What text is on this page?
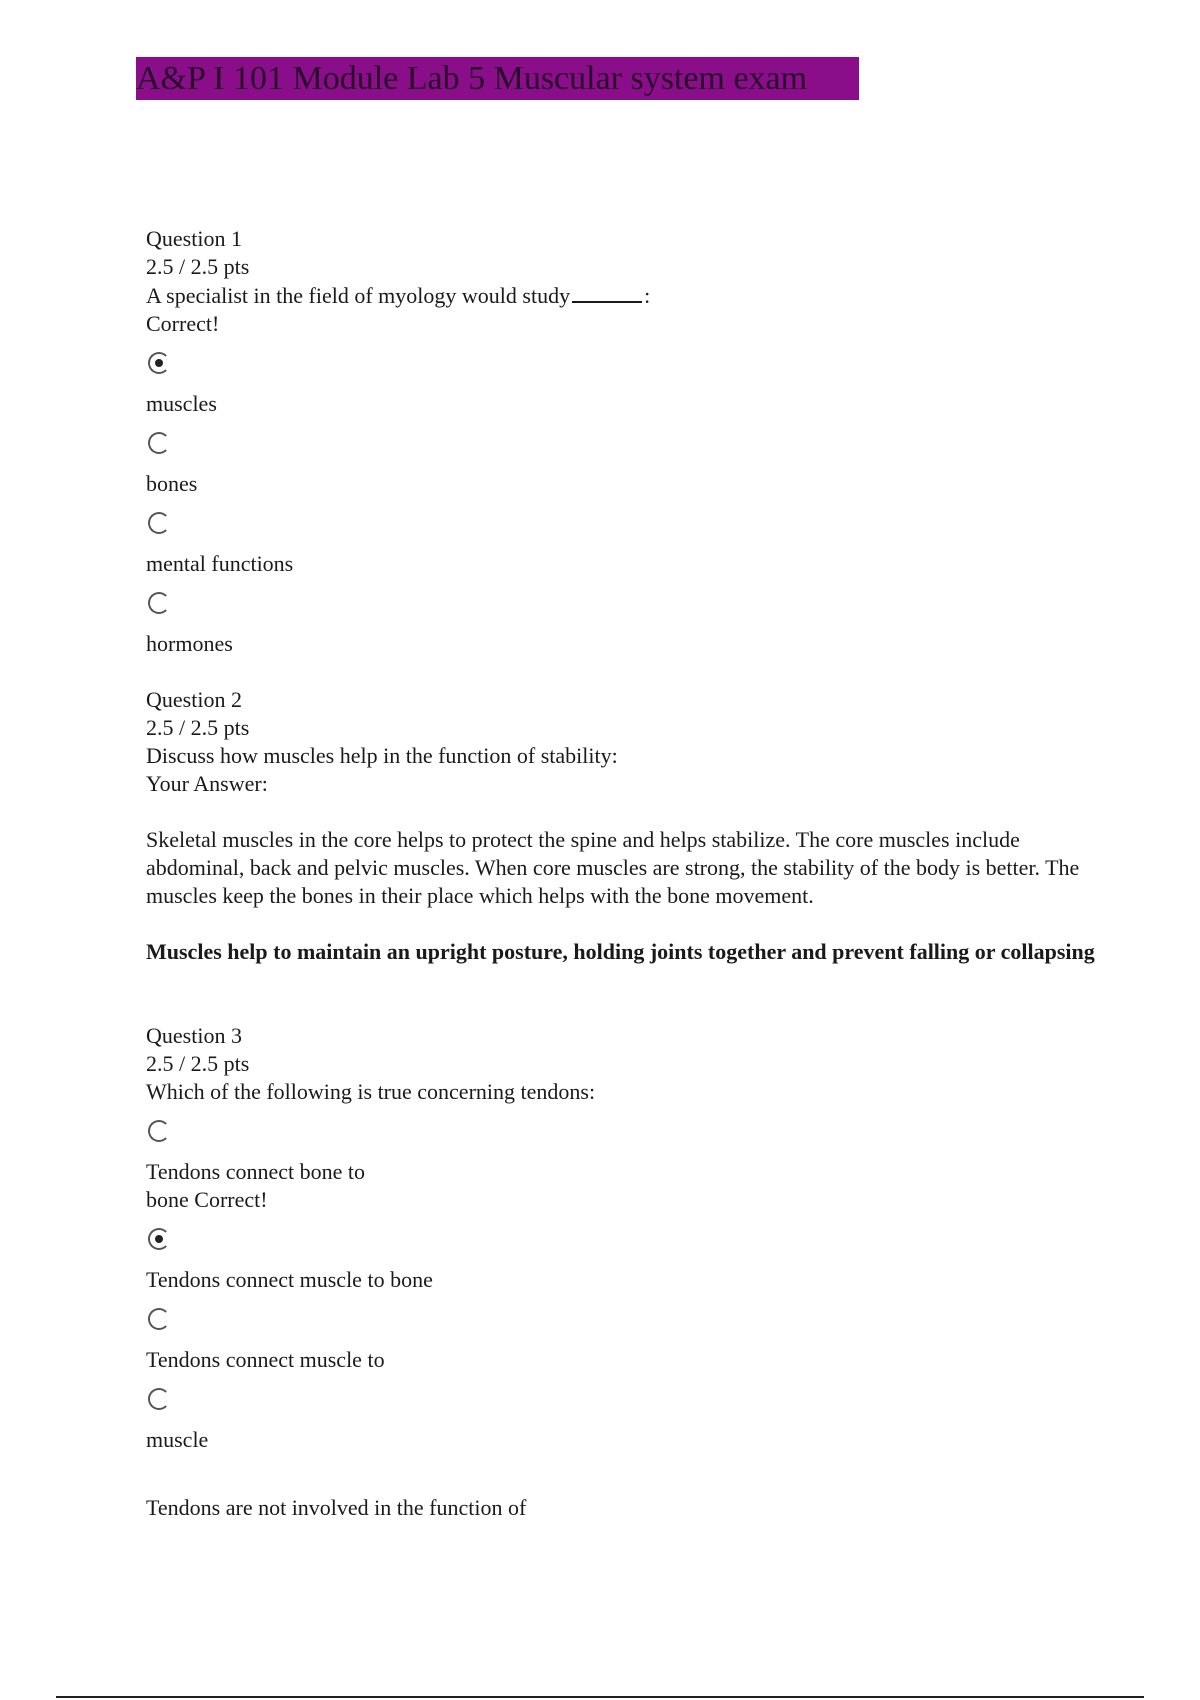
A&P I 101 Module Lab 5 Muscular system exam
Question 1
2.5 / 2.5 pts
A specialist in the field of myology would study	:
Correct!
muscles
bones
mental functions
hormones
Question 2
2.5 / 2.5 pts
Discuss how muscles help in the function of stability:
Your Answer:
Skeletal muscles in the core helps to protect the spine and helps stabilize. The core muscles include abdominal, back and pelvic muscles. When core muscles are strong, the stability of the body is better. The muscles keep the bones in their place which helps with the bone movement.
Muscles help to maintain an upright posture, holding joints together and prevent falling or collapsing
Question 3
2.5 / 2.5 pts
Which of the following is true concerning tendons:
Tendons connect bone to
bone Correct!
Tendons connect muscle to bone
Tendons connect muscle to
muscle
Tendons are not involved in the function of
